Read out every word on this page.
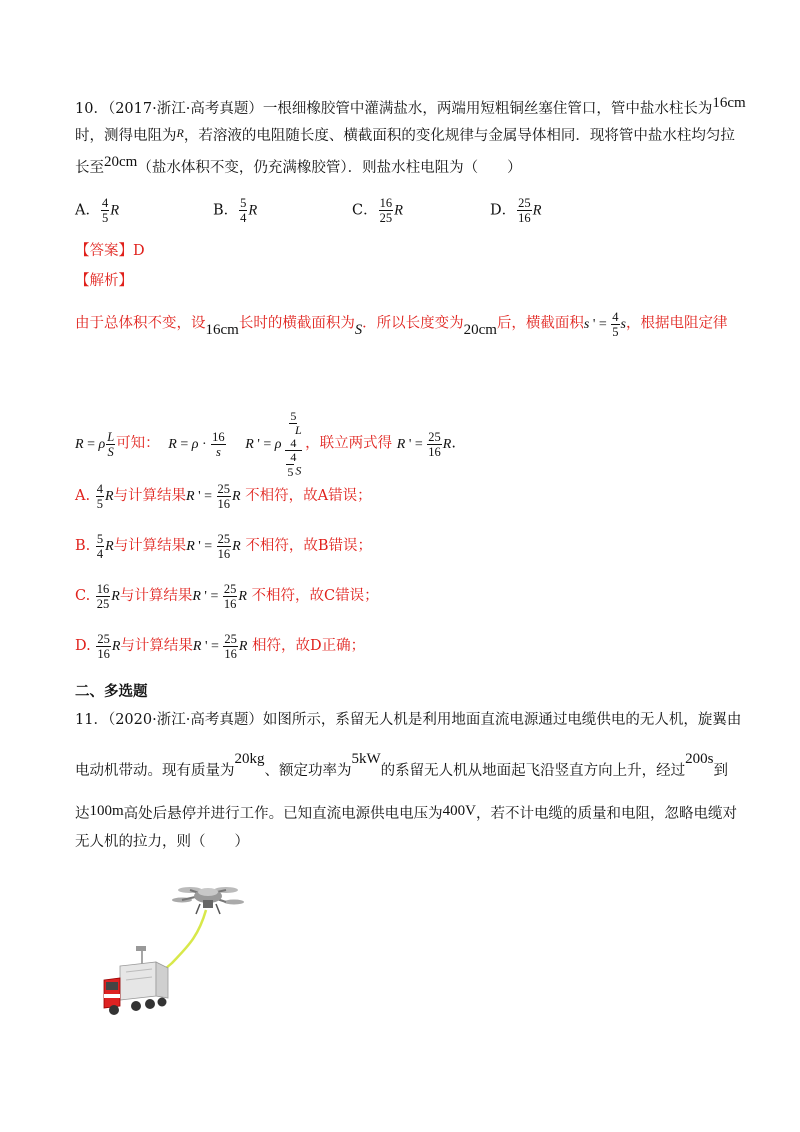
10．（2017·浙江·高考真题）一根细橡胶管中灌满盐水，两端用短粗铜丝塞住管口，管中盐水柱长为16cm
时，测得电阻为$^R$，若溶液的电阻随长度、横截面积的变化规律与金属导体相同．现将管中盐水柱均匀拉
长至20cm（盐水体积不变，仍充满橡胶管）．则盐水柱电阻为（　　）
A． $\frac{4}{5}$ R	B． $\frac{5}{4}$ R	C． $\frac{16}{25}$ R	D． $\frac{25}{16}$ R
【答案】D
【解析】
由于总体积不变，设16cm长时的横截面积为S．所以长度变为20cm后，横截面积s ' = $\frac{4}{5}$ s，根据电阻定律
R = ρ $\frac{L}{S}$ 可知： $R = \rho \cdot \frac{16}{s}$ R ' = ρ
5
L
4
4
5 S
，联立两式得 R ' = $\frac{25}{16} R$.
A. $\frac{4}{5}$ R与计算结果R ' = $\frac{25}{16}$ R 不相符，故A错误；
B. $\frac{5}{4}$ R与计算结果R ' = $\frac{25}{16}$ R 不相符，故B错误；
C. $\frac{16}{25}$ R与计算结果R ' = $\frac{25}{16}$ R 不相符，故C错误；
D. $\frac{25}{16}$ R与计算结果R ' = $\frac{25}{16}$ R 相符，故D正确；
二、多选题
11．（2020·浙江·高考真题）如图所示，系留无人机是利用地面直流电源通过电缆供电的无人机，旋翼由
电动机带动。现有质量为20kg、额定功率为5kW的系留无人机从地面起飞沿竖直方向上升，经过200s到
达100m高处后悬停并进行工作。已知直流电源供电电压为400V，若不计电缆的质量和电阻，忽略电缆对
无人机的拉力，则（　　）
